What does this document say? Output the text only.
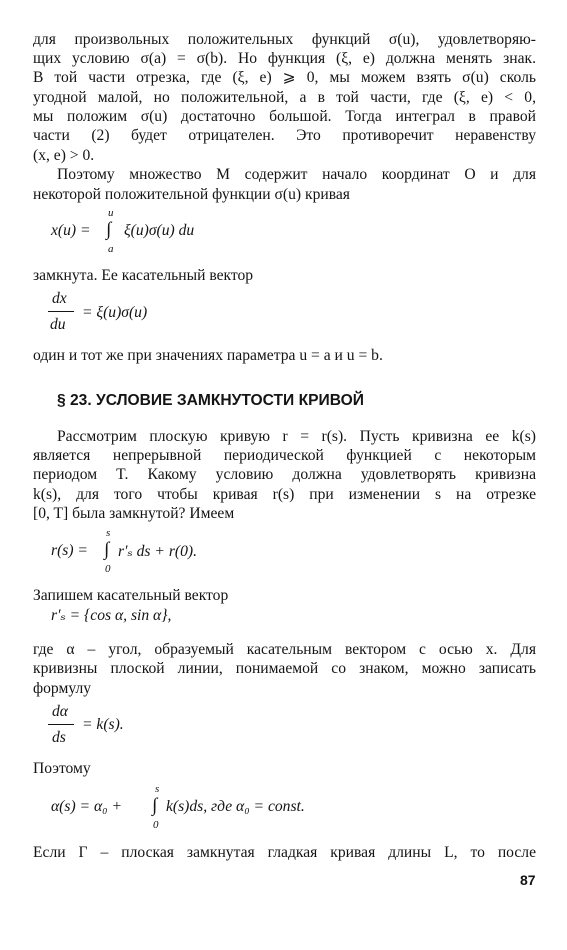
для произвольных положительных функций σ(u), удовлетворяю-
щих условию σ(a) = σ(b). Но функция (ξ, e) должна менять знак.
В той части отрезка, где (ξ, e) ⩾ 0, мы можем взять σ(u) сколь
угодной малой, но положительной, а в той части, где (ξ, e) < 0,
мы положим σ(u) достаточно большой. Тогда интеграл в правой
части (2) будет отрицателен. Это противоречит неравенству
(x, e) > 0.
Поэтому множество M содержит начало координат O и для
некоторой положительной функции σ(u) кривая
x(u) =
u
∫
a
ξ(u)σ(u) du
замкнута. Ее касательный вектор
dx
du
= ξ(u)σ(u)
один и тот же при значениях параметра u = a и u = b.
§ 23. УСЛОВИЕ ЗАМКНУТОСТИ КРИВОЙ
Рассмотрим плоскую кривую r = r(s). Пусть кривизна ее k(s)
является непрерывной периодической функцией с некоторым
периодом T. Какому условию должна удовлетворять кривизна
k(s), для того чтобы кривая r(s) при изменении s на отрезке
[0, T] была замкнутой? Имеем
r(s) =
s
∫
0
r′ₛ ds + r(0).
Запишем касательный вектор
r′ₛ = {cos α, sin α},
где α – угол, образуемый касательным вектором с осью x. Для
кривизны плоской линии, понимаемой со знаком, можно записать
формулу
dα
ds
= k(s).
Поэтому
α(s) = α₀ +
s
∫
0
k(s)ds, где α₀ = const.
Если Γ – плоская замкнутая гладкая кривая длины L, то после
87
